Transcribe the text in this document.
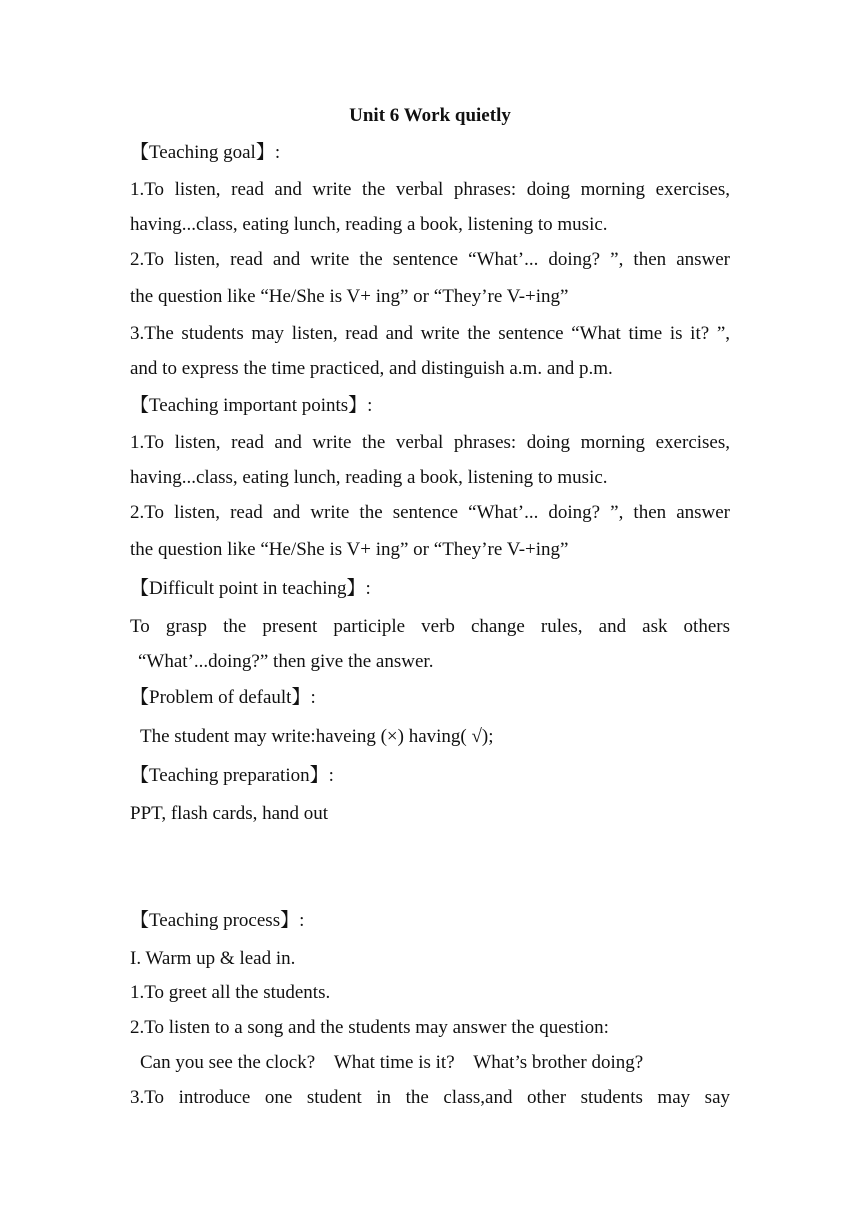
Unit 6 Work quietly
【Teaching goal】:
1.To listen, read and write the verbal phrases: doing morning exercises,
having...class, eating lunch, reading a book, listening to music.
2.To listen, read and write the sentence “What’... doing? ”, then answer
the question like “He/She is V+ ing” or “They’re V-+ing”
3.The students may listen, read and write the sentence “What time is it? ”,
and to express the time practiced, and distinguish a.m. and p.m.
【Teaching important points】:
1.To listen, read and write the verbal phrases: doing morning exercises,
having...class, eating lunch, reading a book, listening to music.
2.To listen, read and write the sentence “What’... doing? ”, then answer
the question like “He/She is V+ ing” or “They’re V-+ing”
【Difficult point in teaching】:
To grasp the present participle verb change rules, and ask others
“What’...doing?” then give the answer.
【Problem of default】:
The student may write:haveing (×) having( √);
【Teaching preparation】:
PPT, flash cards, hand out
【Teaching process】:
I. Warm up & lead in.
1.To greet all the students.
2.To listen to a song and the students may answer the question:
Can you see the clock?    What time is it?    What’s brother doing?
3.To introduce one student in the class,and other students may say
